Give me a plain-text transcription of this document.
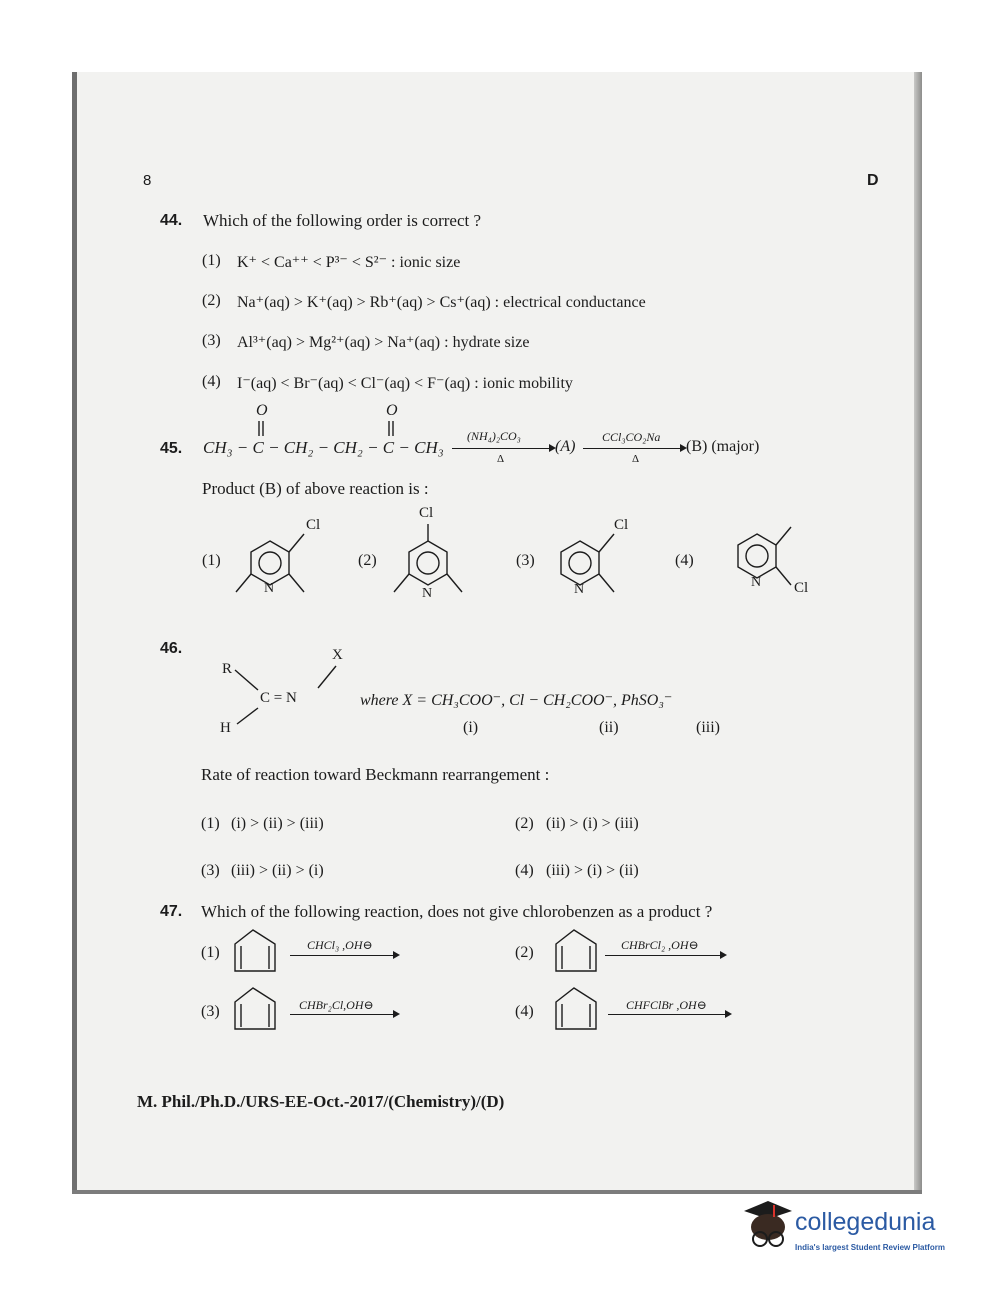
8	D
44. Which of the following order is correct ?
(1) K⁺ < Ca⁺⁺ < P³⁻ < S²⁻ : ionic size
(2) Na⁺(aq) > K⁺(aq) > Rb⁺(aq) > Cs⁺(aq) : electrical conductance
(3) Al³⁺(aq) > Mg²⁺(aq) > Na⁺(aq) : hydrate size
(4) I⁻(aq) < Br⁻(aq) < Cl⁻(aq) < F⁻(aq) : ionic mobility
45.
O	O
CH₃ − C − CH₂ − CH₂ − C − CH₃
(NH₄)₂CO₃
Δ
(A)
CCl₃CO₂Na
Δ
(B) (major)
Product (B) of above reaction is :
(1)	(2)	(3)	(4)
Cl
N
Cl
N
Cl
N	N Cl
46.
R
H
X
C = N	where X = CH₃COO⁻, Cl − CH₂COO⁻, PhSO₃⁻
(i)	(ii)	(iii)
Rate of reaction toward Beckmann rearrangement :
(1) (i) > (ii) > (iii)	(2) (ii) > (i) > (iii)
(3) (iii) > (ii) > (i)	(4) (iii) > (i) > (ii)
47. Which of the following reaction, does not give chlorobenzen as a product ?
(1)	(2)
(3)	(4)
CHCl₃ ,OH⊖	CHBrCl₂ ,OH⊖
CHBr₂Cl,OH⊖	CHFClBr ,OH⊖
M. Phil./Ph.D./URS-EE-Oct.-2017/(Chemistry)/(D)
collegedunia
India's largest Student Review Platform
